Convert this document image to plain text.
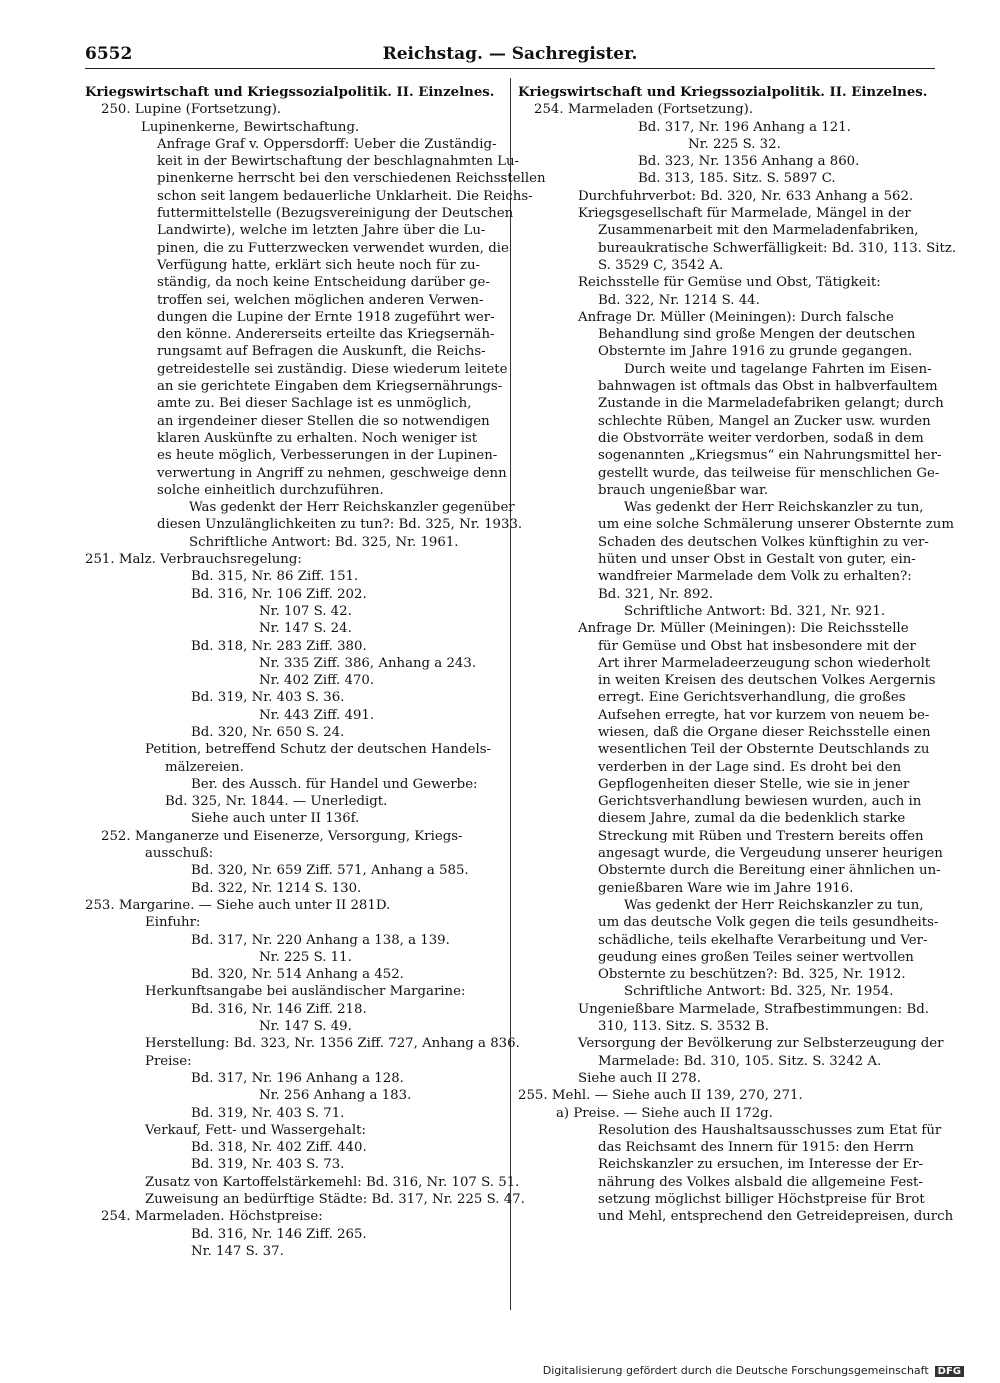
6552	Reichstag. — Sachregister.
Kriegswirtschaft und Kriegssozialpolitik. II. Einzelnes.
250. Lupine (Fortsetzung).
Lupinenkerne, Bewirtschaftung.
Anfrage Graf v. Oppersdorff: Ueber die Zuständig-
keit in der Bewirtschaftung der beschlagnahmten Lu-
pinenkerne herrscht bei den verschiedenen Reichsstellen
schon seit langem bedauerliche Unklarheit. Die Reichs-
futtermittelstelle (Bezugsvereinigung der Deutschen
Landwirte), welche im letzten Jahre über die Lu-
pinen, die zu Futterzwecken verwendet wurden, die
Verfügung hatte, erklärt sich heute noch für zu-
ständig, da noch keine Entscheidung darüber ge-
troffen sei, welchen möglichen anderen Verwen-
dungen die Lupine der Ernte 1918 zugeführt wer-
den könne. Andererseits erteilte das Kriegsernäh-
rungsamt auf Befragen die Auskunft, die Reichs-
getreidestelle sei zuständig. Diese wiederum leitete
an sie gerichtete Eingaben dem Kriegsernährungs-
amte zu. Bei dieser Sachlage ist es unmöglich,
an irgendeiner dieser Stellen die so notwendigen
klaren Auskünfte zu erhalten. Noch weniger ist
es heute möglich, Verbesserungen in der Lupinen-
verwertung in Angriff zu nehmen, geschweige denn
solche einheitlich durchzuführen.
Was gedenkt der Herr Reichskanzler gegenüber
diesen Unzulänglichkeiten zu tun?: Bd. 325, Nr. 1933.
Schriftliche Antwort: Bd. 325, Nr. 1961.
251. Malz. Verbrauchsregelung:
Bd. 315, Nr. 86 Ziff. 151.
Bd. 316, Nr. 106 Ziff. 202.
Nr. 107 S. 42.
Nr. 147 S. 24.
Bd. 318, Nr. 283 Ziff. 380.
Nr. 335 Ziff. 386, Anhang a 243.
Nr. 402 Ziff. 470.
Bd. 319, Nr. 403 S. 36.
Nr. 443 Ziff. 491.
Bd. 320, Nr. 650 S. 24.
Petition, betreffend Schutz der deutschen Handels-
mälzereien.
Ber. des Aussch. für Handel und Gewerbe:
Bd. 325, Nr. 1844. — Unerledigt.
Siehe auch unter II 136f.
252. Manganerze und Eisenerze, Versorgung, Kriegs-
ausschuß:
Bd. 320, Nr. 659 Ziff. 571, Anhang a 585.
Bd. 322, Nr. 1214 S. 130.
253. Margarine. — Siehe auch unter II 281D.
Einfuhr:
Bd. 317, Nr. 220 Anhang a 138, a 139.
Nr. 225 S. 11.
Bd. 320, Nr. 514 Anhang a 452.
Herkunftsangabe bei ausländischer Margarine:
Bd. 316, Nr. 146 Ziff. 218.
Nr. 147 S. 49.
Herstellung: Bd. 323, Nr. 1356 Ziff. 727, Anhang a 836.
Preise:
Bd. 317, Nr. 196 Anhang a 128.
Nr. 256 Anhang a 183.
Bd. 319, Nr. 403 S. 71.
Verkauf, Fett- und Wassergehalt:
Bd. 318, Nr. 402 Ziff. 440.
Bd. 319, Nr. 403 S. 73.
Zusatz von Kartoffelstärkemehl: Bd. 316, Nr. 107 S. 51.
Zuweisung an bedürftige Städte: Bd. 317, Nr. 225 S. 47.
254. Marmeladen. Höchstpreise:
Bd. 316, Nr. 146 Ziff. 265.
Nr. 147 S. 37.
Kriegswirtschaft und Kriegssozialpolitik. II. Einzelnes.
254. Marmeladen (Fortsetzung).
Bd. 317, Nr. 196 Anhang a 121.
Nr. 225 S. 32.
Bd. 323, Nr. 1356 Anhang a 860.
Bd. 313, 185. Sitz. S. 5897 C.
Durchfuhrverbot: Bd. 320, Nr. 633 Anhang a 562.
Kriegsgesellschaft für Marmelade, Mängel in der
Zusammenarbeit mit den Marmeladenfabriken,
bureaukratische Schwerfälligkeit: Bd. 310, 113. Sitz.
S. 3529 C, 3542 A.
Reichsstelle für Gemüse und Obst, Tätigkeit:
Bd. 322, Nr. 1214 S. 44.
Anfrage Dr. Müller (Meiningen): Durch falsche
Behandlung sind große Mengen der deutschen
Obsternte im Jahre 1916 zu grunde gegangen.
Durch weite und tagelange Fahrten im Eisen-
bahnwagen ist oftmals das Obst in halbverfaultem
Zustande in die Marmeladefabriken gelangt; durch
schlechte Rüben, Mangel an Zucker usw. wurden
die Obstvorräte weiter verdorben, sodaß in dem
sogenannten „Kriegsmus“ ein Nahrungsmittel her-
gestellt wurde, das teilweise für menschlichen Ge-
brauch ungenießbar war.
Was gedenkt der Herr Reichskanzler zu tun,
um eine solche Schmälerung unserer Obsternte zum
Schaden des deutschen Volkes künftighin zu ver-
hüten und unser Obst in Gestalt von guter, ein-
wandfreier Marmelade dem Volk zu erhalten?:
Bd. 321, Nr. 892.
Schriftliche Antwort: Bd. 321, Nr. 921.
Anfrage Dr. Müller (Meiningen): Die Reichsstelle
für Gemüse und Obst hat insbesondere mit der
Art ihrer Marmeladeerzeugung schon wiederholt
in weiten Kreisen des deutschen Volkes Aergernis
erregt. Eine Gerichtsverhandlung, die großes
Aufsehen erregte, hat vor kurzem von neuem be-
wiesen, daß die Organe dieser Reichsstelle einen
wesentlichen Teil der Obsternte Deutschlands zu
verderben in der Lage sind. Es droht bei den
Gepflogenheiten dieser Stelle, wie sie in jener
Gerichtsverhandlung bewiesen wurden, auch in
diesem Jahre, zumal da die bedenklich starke
Streckung mit Rüben und Trestern bereits offen
angesagt wurde, die Vergeudung unserer heurigen
Obsternte durch die Bereitung einer ähnlichen un-
genießbaren Ware wie im Jahre 1916.
Was gedenkt der Herr Reichskanzler zu tun,
um das deutsche Volk gegen die teils gesundheits-
schädliche, teils ekelhafte Verarbeitung und Ver-
geudung eines großen Teiles seiner wertvollen
Obsternte zu beschützen?: Bd. 325, Nr. 1912.
Schriftliche Antwort: Bd. 325, Nr. 1954.
Ungenießbare Marmelade, Strafbestimmungen: Bd.
310, 113. Sitz. S. 3532 B.
Versorgung der Bevölkerung zur Selbsterzeugung der
Marmelade: Bd. 310, 105. Sitz. S. 3242 A.
Siehe auch II 278.
255. Mehl. — Siehe auch II 139, 270, 271.
a) Preise. — Siehe auch II 172g.
Resolution des Haushaltsausschusses zum Etat für
das Reichsamt des Innern für 1915: den Herrn
Reichskanzler zu ersuchen, im Interesse der Er-
nährung des Volkes alsbald die allgemeine Fest-
setzung möglichst billiger Höchstpreise für Brot
und Mehl, entsprechend den Getreidepreisen, durch
Digitalisierung gefördert durch die Deutsche Forschungsgemeinschaft DFG
